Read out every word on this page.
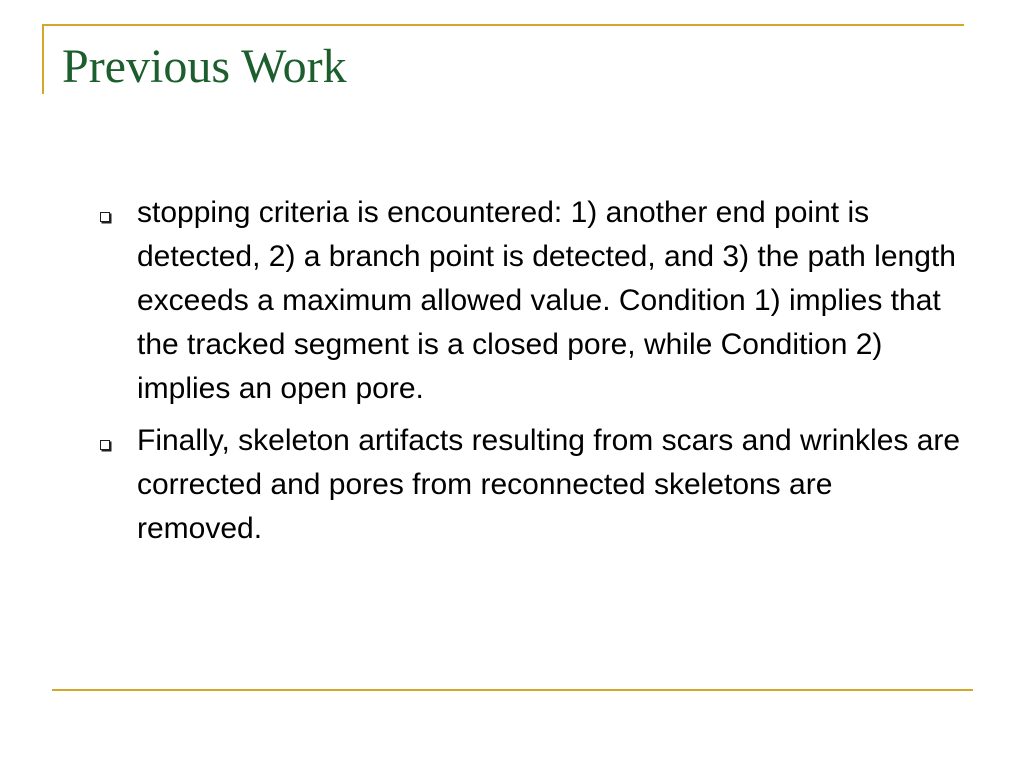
Previous Work
stopping criteria is encountered: 1) another end point is detected, 2) a branch point is detected, and 3) the path length exceeds a maximum allowed value. Condition 1) implies that the tracked segment is a closed pore, while Condition 2) implies an open pore.
Finally, skeleton artifacts resulting from scars and wrinkles are corrected and pores from reconnected skeletons are removed.
